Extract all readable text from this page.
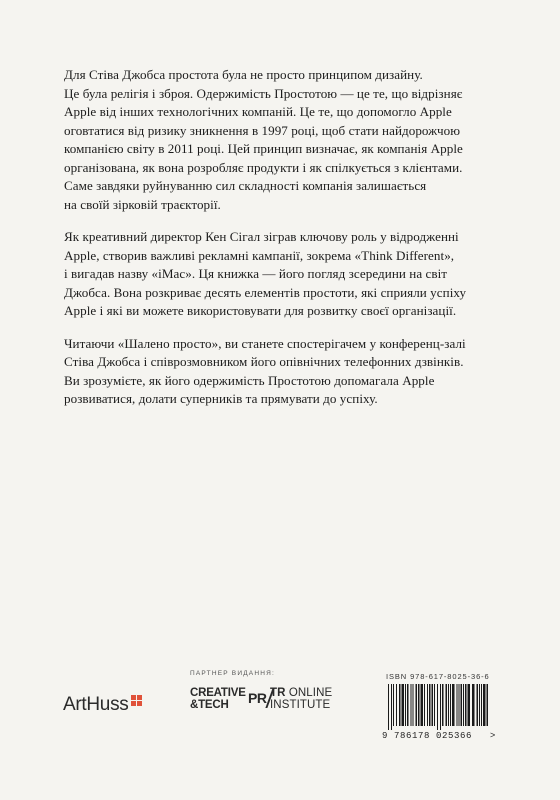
Для Стіва Джобса простота була не просто принципом дизайну.
Це була релігія і зброя. Одержимість Простотою — це те, що відрізняє
Apple від інших технологічних компаній. Це те, що допомогло Apple
оговтатися від ризику зникнення в 1997 році, щоб стати найдорожчою
компанією світу в 2011 році. Цей принцип визначає, як компанія Apple
організована, як вона розробляє продукти і як спілкується з клієнтами.
Саме завдяки руйнуванню сил складності компанія залишається
на своїй зірковій траєкторії.

Як креативний директор Кен Сігал зіграв ключову роль у відродженні
Apple, створив важливі рекламні кампанії, зокрема «Think Different»,
і вигадав назву «iMac». Ця книжка — його погляд зсередини на світ
Джобса. Вона розкриває десять елементів простоти, які сприяли успіху
Apple і які ви можете використовувати для розвитку своєї організації.

Читаючи «Шалено просто», ви станете спостерігачем у конференц-залі
Стіва Джобса і співрозмовником його опівнічних телефонних дзвінків.
Ви зрозумієте, як його одержимість Простотою допомагала Apple
розвиватися, долати суперників та прямувати до успіху.

ArtHuss
ПАРТНЕР ВИДАННЯ:
CREATIVE
&TECH	PR TR ONLINE
INSTITUTE
ISBN 978-617-8025-36-6
9 786178 025366 >
